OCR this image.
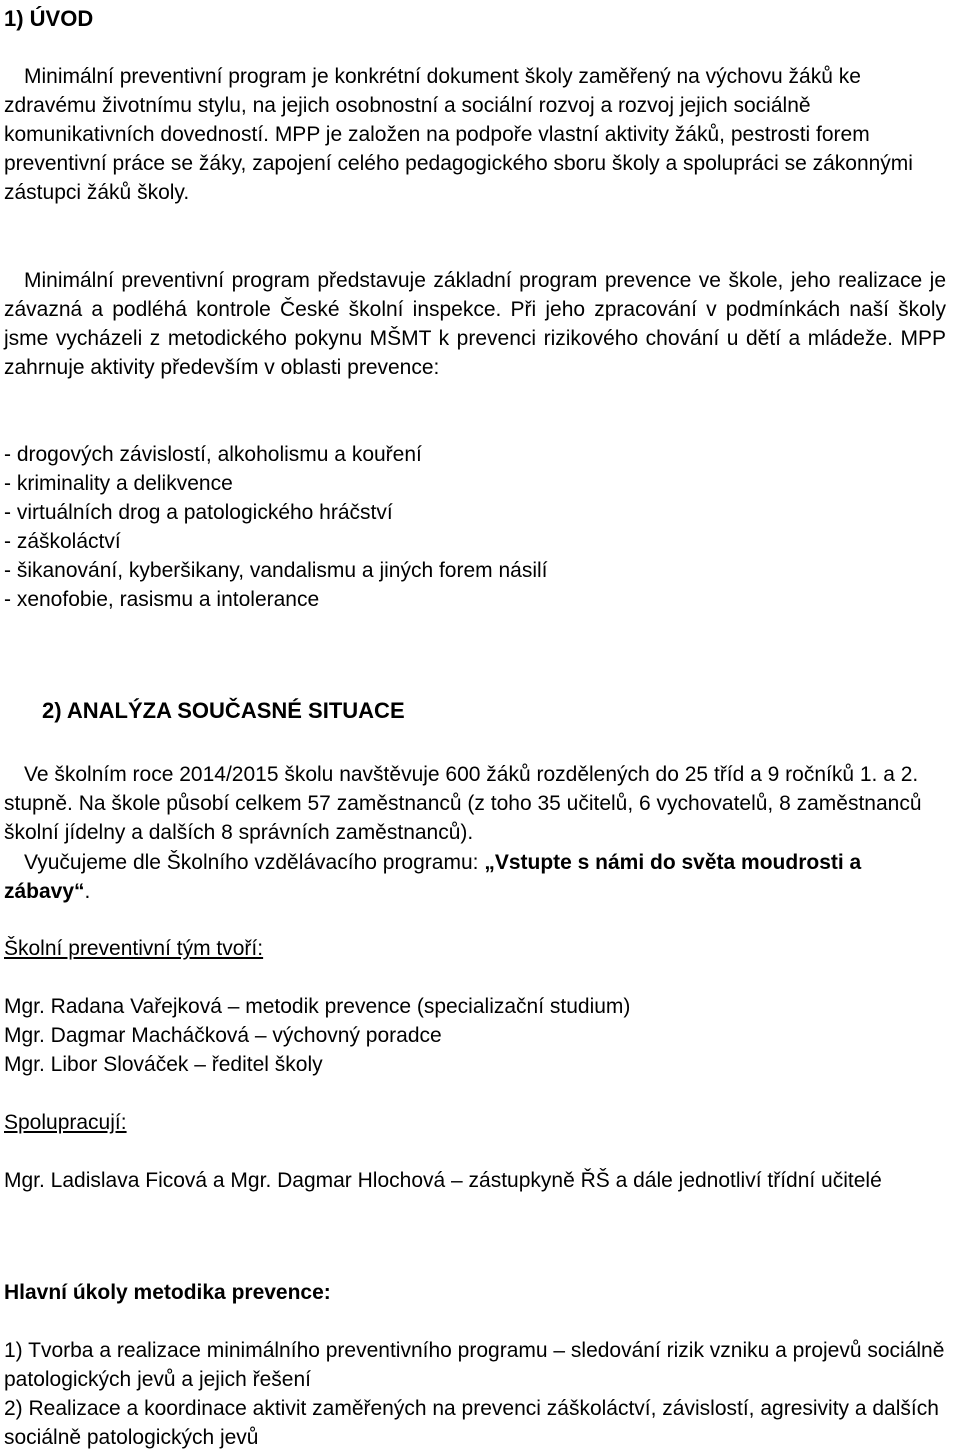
1) ÚVOD
Minimální preventivní program je konkrétní dokument školy zaměřený na výchovu žáků ke zdravému životnímu stylu, na jejich osobnostní a sociální rozvoj a rozvoj jejich sociálně komunikativních dovedností. MPP je založen na podpoře vlastní aktivity žáků, pestrosti forem preventivní práce se žáky, zapojení celého pedagogického sboru školy a spolupráci se zákonnými zástupci žáků školy.
Minimální preventivní program představuje základní program prevence ve škole, jeho realizace je závazná a podléhá kontrole České školní inspekce. Při jeho zpracování v podmínkách naší školy jsme vycházeli z metodického pokynu MŠMT k prevenci rizikového chování u dětí a mládeže. MPP zahrnuje aktivity především v oblasti prevence:
- drogových závislostí, alkoholismu a kouření
- kriminality a delikvence
- virtuálních drog a patologického hráčství
- záškoláctví
- šikanování, kyberšikany, vandalismu a jiných forem násilí
- xenofobie, rasismu a intolerance
2) ANALÝZA SOUČASNÉ SITUACE
Ve školním roce 2014/2015 školu navštěvuje 600 žáků rozdělených do 25 tříd a 9 ročníků 1. a 2. stupně. Na škole působí celkem 57 zaměstnanců (z toho 35 učitelů, 6 vychovatelů, 8 zaměstnanců školní jídelny a dalších 8 správních zaměstnanců).
Vyučujeme dle Školního vzdělávacího programu: „Vstupte s námi do světa moudrosti a zábavy“.
Školní preventivní tým tvoří:
Mgr. Radana Vařejková – metodik prevence (specializační studium)
Mgr. Dagmar Macháčková – výchovný poradce
Mgr. Libor Slováček – ředitel školy
Spolupracují:
Mgr. Ladislava Ficová a Mgr. Dagmar Hlochová – zástupkyně ŘŠ a dále jednotliví třídní učitelé
Hlavní úkoly metodika prevence:
1) Tvorba a realizace minimálního preventivního programu – sledování rizik vzniku a projevů sociálně patologických jevů a jejich řešení
2) Realizace a koordinace aktivit zaměřených na prevenci záškoláctví, závislostí, agresivity a dalších sociálně patologických jevů
